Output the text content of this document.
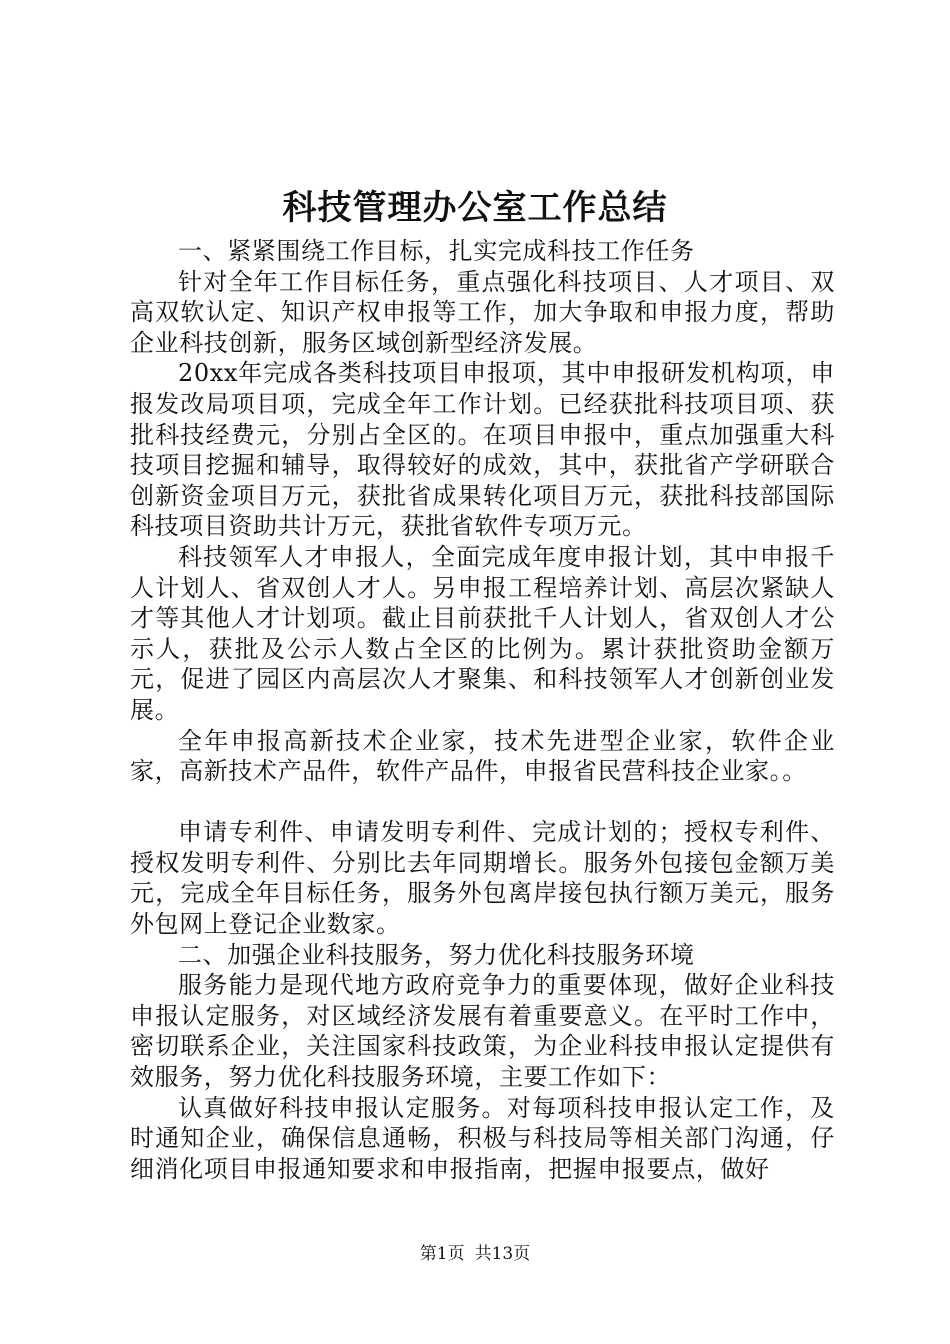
科技管理办公室工作总结

一、紧紧围绕工作目标，扎实完成科技工作任务

针对全年工作目标任务，重点强化科技项目、人才项目、双高双软认定、知识产权申报等工作，加大争取和申报力度，帮助企业科技创新，服务区域创新型经济发展。

20xx年完成各类科技项目申报项，其中申报研发机构项，申报发改局项目项，完成全年工作计划。已经获批科技项目项、获批科技经费元，分别占全区的。在项目申报中，重点加强重大科技项目挖掘和辅导，取得较好的成效，其中，获批省产学研联合创新资金项目万元，获批省成果转化项目万元，获批科技部国际科技项目资助共计万元，获批省软件专项万元。

科技领军人才申报人，全面完成年度申报计划，其中申报千人计划人、省双创人才人。另申报工程培养计划、高层次紧缺人才等其他人才计划项。截止目前获批千人计划人，省双创人才公示人，获批及公示人数占全区的比例为。累计获批资助金额万元，促进了园区内高层次人才聚集、和科技领军人才创新创业发展。

全年申报高新技术企业家，技术先进型企业家，软件企业家，高新技术产品件，软件产品件，申报省民营科技企业家。。

申请专利件、申请发明专利件、完成计划的；授权专利件、授权发明专利件、分别比去年同期增长。服务外包接包金额万美元，完成全年目标任务，服务外包离岸接包执行额万美元，服务外包网上登记企业数家。

二、加强企业科技服务，努力优化科技服务环境

服务能力是现代地方政府竞争力的重要体现，做好企业科技申报认定服务，对区域经济发展有着重要意义。在平时工作中，密切联系企业，关注国家科技政策，为企业科技申报认定提供有效服务，努力优化科技服务环境，主要工作如下：

认真做好科技申报认定服务。对每项科技申报认定工作，及时通知企业，确保信息通畅，积极与科技局等相关部门沟通，仔细消化项目申报通知要求和申报指南，把握申报要点，做好

第1页 共13页
